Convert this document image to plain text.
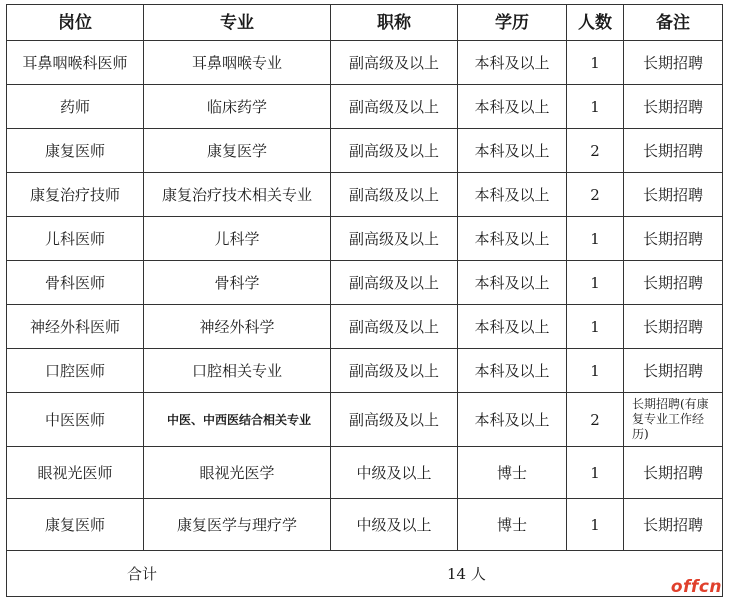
岗位	专业	职称	学历	人数	备注
耳鼻咽喉科医师	耳鼻咽喉专业	副高级及以上	本科及以上	1	长期招聘
药师	临床药学	副高级及以上	本科及以上	1	长期招聘
康复医师	康复医学	副高级及以上	本科及以上	2	长期招聘
康复治疗技师	康复治疗技术相关专业	副高级及以上	本科及以上	2	长期招聘
儿科医师	儿科学	副高级及以上	本科及以上	1	长期招聘
骨科医师	骨科学	副高级及以上	本科及以上	1	长期招聘
神经外科医师	神经外科学	副高级及以上	本科及以上	1	长期招聘
口腔医师	口腔相关专业	副高级及以上	本科及以上	1	长期招聘
中医医师	中医、中西医结合相关专业	副高级及以上	本科及以上	2	长期招聘(有康复专业工作经历)
眼视光医师	眼视光医学	中级及以上	博士	1	长期招聘
康复医师	康复医学与理疗学	中级及以上	博士	1	长期招聘
合计 14 人					
offcn
